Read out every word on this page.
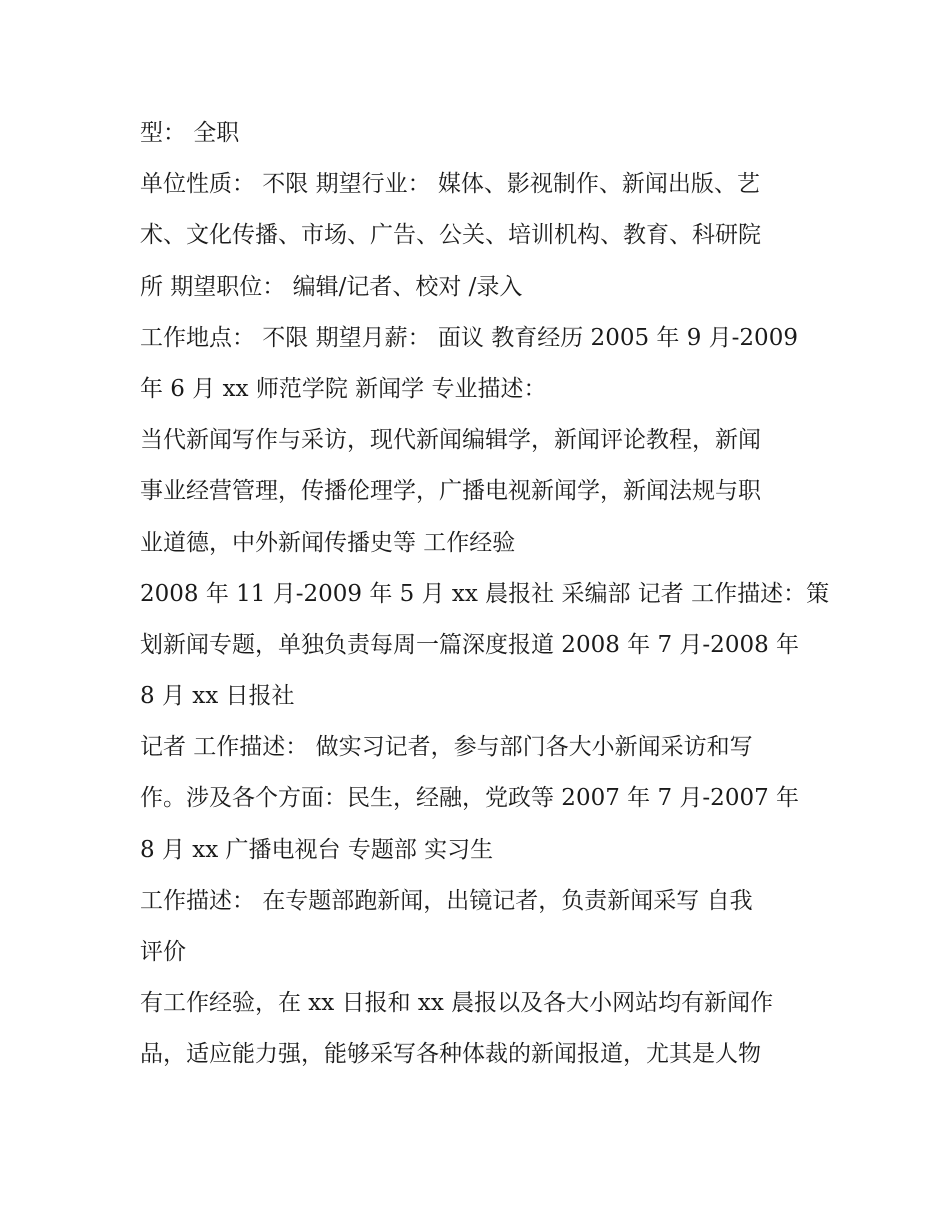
型： 全职
单位性质： 不限 期望行业： 媒体、影视制作、新闻出版、艺
术、文化传播、市场、广告、公关、培训机构、教育、科研院
所 期望职位： 编辑/记者、校对 /录入
工作地点： 不限 期望月薪： 面议 教育经历 2005 年 9 月-2009
年 6 月 xx 师范学院 新闻学 专业描述：
当代新闻写作与采访，现代新闻编辑学，新闻评论教程，新闻
事业经营管理，传播伦理学，广播电视新闻学，新闻法规与职
业道德，中外新闻传播史等 工作经验
2008 年 11 月-2009 年 5 月 xx 晨报社 采编部 记者 工作描述：策
划新闻专题，单独负责每周一篇深度报道 2008 年 7 月-2008 年
8 月 xx 日报社
记者 工作描述： 做实习记者，参与部门各大小新闻采访和写
作。涉及各个方面：民生，经融，党政等 2007 年 7 月-2007 年
8 月 xx 广播电视台 专题部 实习生
工作描述： 在专题部跑新闻，出镜记者，负责新闻采写 自我
评价
有工作经验，在 xx 日报和 xx 晨报以及各大小网站均有新闻作
品，适应能力强，能够采写各种体裁的新闻报道，尤其是人物
